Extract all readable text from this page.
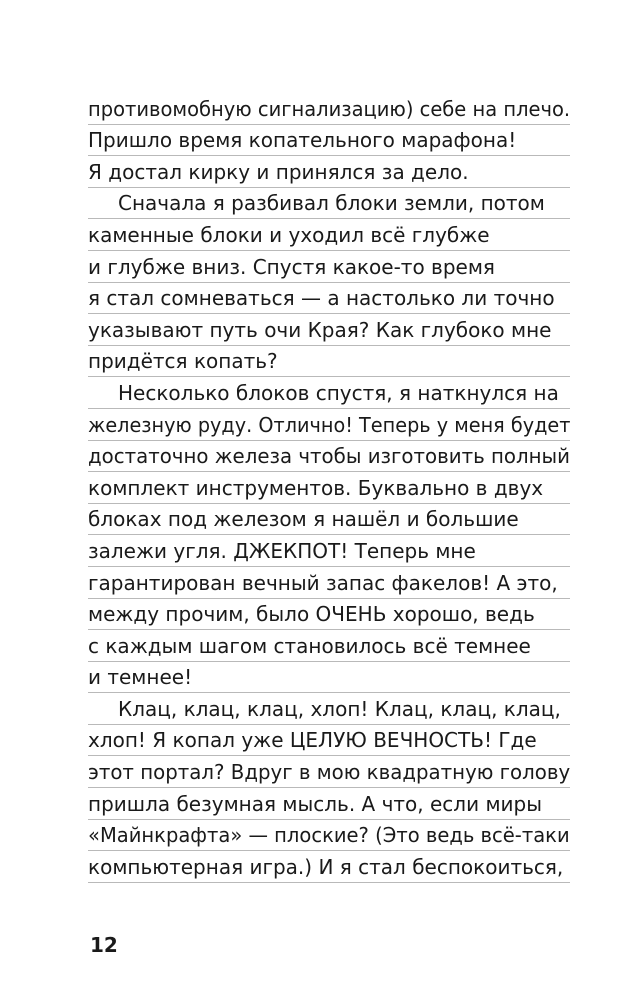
противомобную сигнализацию) себе на плечо.
Пришло время копательного марафона!
Я достал кирку и принялся за дело.
Сначала я разбивал блоки земли, потом
каменные блоки и уходил всё глубже
и глубже вниз. Спустя какое-то время
я стал сомневаться — а настолько ли точно
указывают путь очи Края? Как глубоко мне
придётся копать?
Несколько блоков спустя, я наткнулся на
железную руду. Отлично! Теперь у меня будет
достаточно железа чтобы изготовить полный
комплект инструментов. Буквально в двух
блоках под железом я нашёл и большие
залежи угля. ДЖЕКПОТ! Теперь мне
гарантирован вечный запас факелов! А это,
между прочим, было ОЧЕНЬ хорошо, ведь
с каждым шагом становилось всё темнее
и темнее!
Клац, клац, клац, хлоп! Клац, клац, клац,
хлоп! Я копал уже ЦЕЛУЮ ВЕЧНОСТЬ! Где
этот портал? Вдруг в мою квадратную голову
пришла безумная мысль. А что, если миры
«Майнкрафта» — плоские? (Это ведь всё-таки
компьютерная игра.) И я стал беспокоиться,
12
